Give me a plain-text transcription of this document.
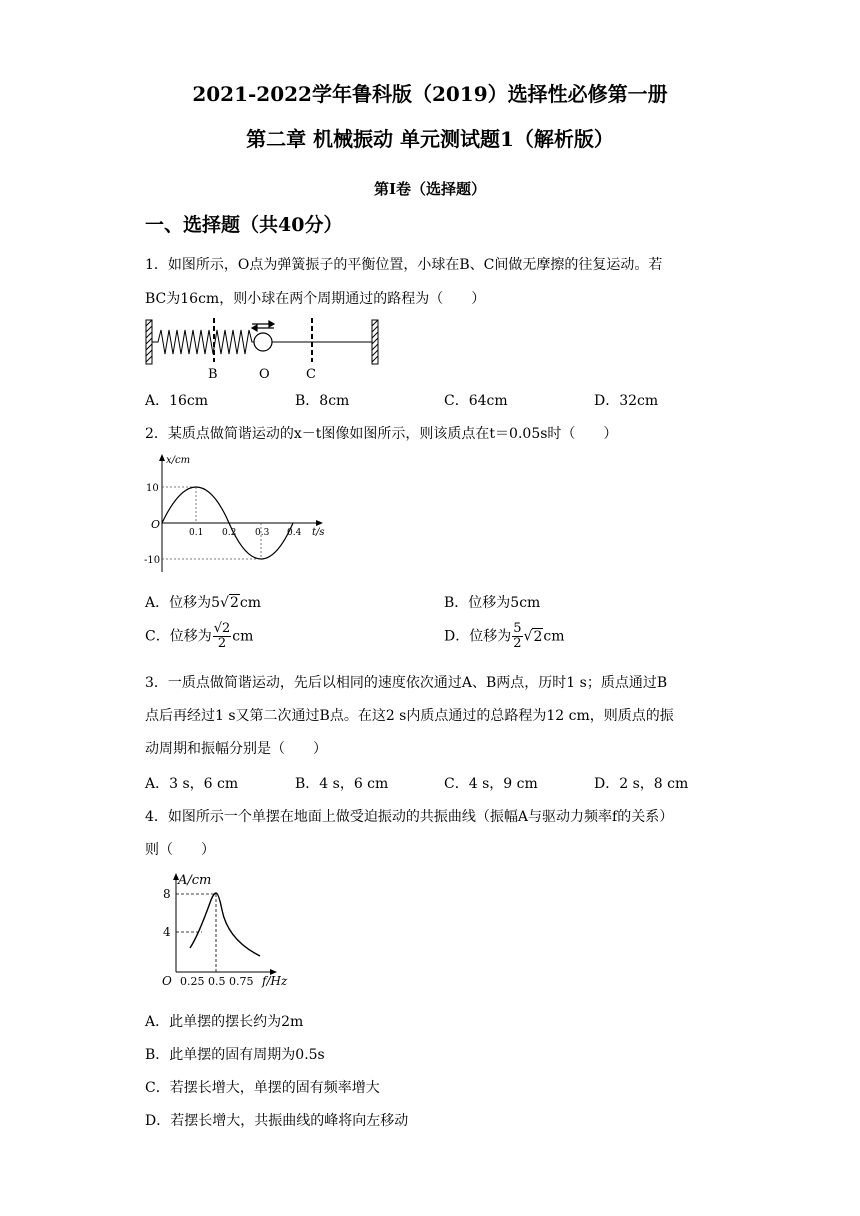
2021-2022学年鲁科版（2019）选择性必修第一册
第二章 机械振动 单元测试题1（解析版）
第Ⅰ卷（选择题）
一、选择题（共40分）
1．如图所示，O点为弹簧振子的平衡位置，小球在B、C间做无摩擦的往复运动。若
BC为16cm，则小球在两个周期通过的路程为（　　）
B	O	C
A．16cm	B．8cm	C．64cm	D．32cm
2．某质点做简谐运动的x－t图像如图所示，则该质点在t＝0.05s时（　　）
x/cm
t/s
10
-10
O
0.1 0.2 0.3 0.4
A．位移为5√2cm	B．位移为5cm
C．位移为 $\frac{√2}{2}$ cm	D．位移为 $\frac{5}{2} √2cm$
3．一质点做简谐运动，先后以相同的速度依次通过A、B两点，历时1 s；质点通过B
点后再经过1 s又第二次通过B点。在这2 s内质点通过的总路程为12 cm，则质点的振
动周期和振幅分别是（　　）
A．3 s，6 cm	B．4 s，6 cm	C．4 s，9 cm	D．2 s，8 cm
4．如图所示一个单摆在地面上做受迫振动的共振曲线（振幅A与驱动力频率f的关系）
则（　　）
A/cm
f/Hz
8
4
O 0.25 0.5 0.75
A．此单摆的摆长约为2m
B．此单摆的固有周期为0.5s
C．若摆长增大，单摆的固有频率增大
D．若摆长增大，共振曲线的峰将向左移动
